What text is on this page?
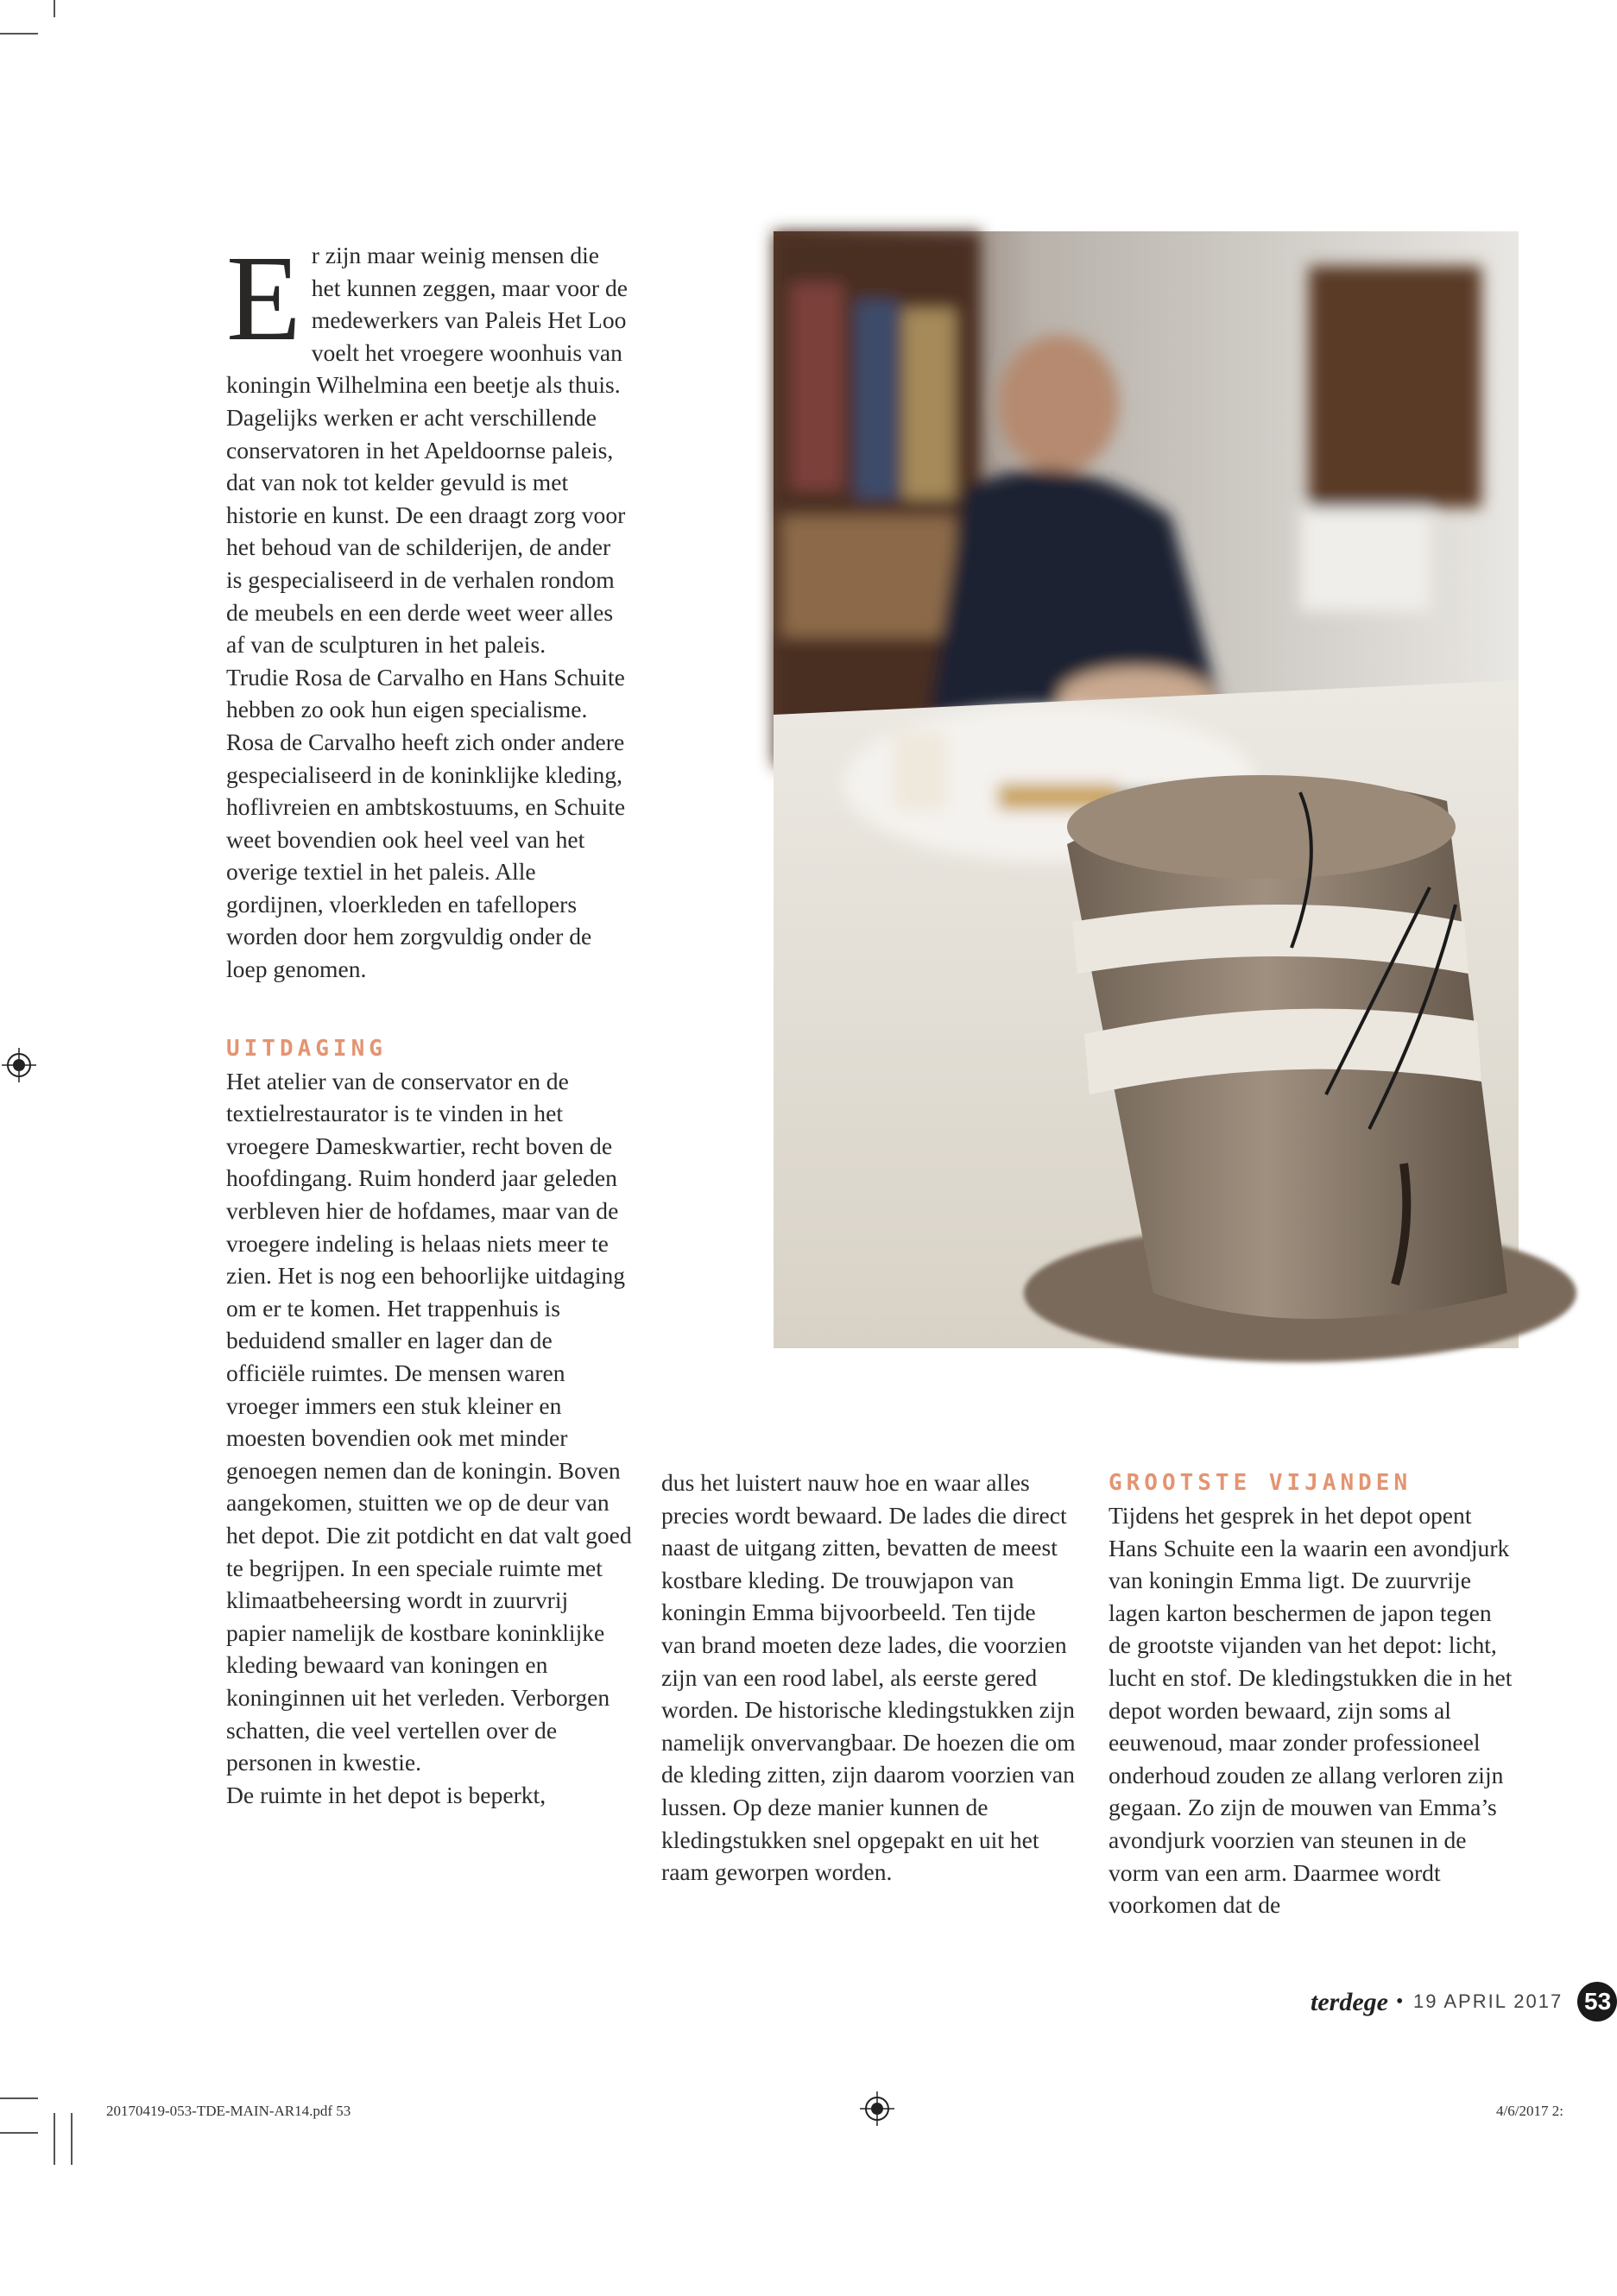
Er zijn maar weinig mensen die het kunnen zeggen, maar voor de medewerkers van Paleis Het Loo voelt het vroegere woonhuis van koningin Wilhelmina een beetje als thuis. Dagelijks werken er acht verschillende conservatoren in het Apeldoornse paleis, dat van nok tot kelder gevuld is met historie en kunst. De een draagt zorg voor het behoud van de schilderijen, de ander is gespecialiseerd in de verhalen rondom de meubels en een derde weet weer alles af van de sculpturen in het paleis.

Trudie Rosa de Carvalho en Hans Schuite hebben zo ook hun eigen specialisme. Rosa de Carvalho heeft zich onder andere gespecialiseerd in de koninklijke kleding, hoflivreien en ambtskostuums, en Schuite weet bovendien ook heel veel van het overige textiel in het paleis. Alle gordijnen, vloerkleden en tafellopers worden door hem zorgvuldig onder de loep genomen.

UITDAGING

Het atelier van de conservator en de textielrestaurator is te vinden in het vroegere Dameskwartier, recht boven de hoofdingang. Ruim honderd jaar geleden verbleven hier de hofdames, maar van de vroegere indeling is helaas niets meer te zien. Het is nog een behoorlijke uitdaging om er te komen. Het trappenhuis is beduidend smaller en lager dan de officiële ruimtes. De mensen waren vroeger immers een stuk kleiner en moesten bovendien ook met minder genoegen nemen dan de koningin. Boven aangekomen, stuitten we op de deur van het depot. Die zit potdicht en dat valt goed te begrijpen. In een speciale ruimte met klimaatbeheersing wordt in zuurvrij papier namelijk de kostbare koninklijke kleding bewaard van koningen en koninginnen uit het verleden. Verborgen schatten, die veel vertellen over de personen in kwestie.

De ruimte in het depot is beperkt,

dus het luistert nauw hoe en waar alles precies wordt bewaard. De lades die direct naast de uitgang zitten, bevatten de meest kostbare kleding. De trouwjapon van koningin Emma bijvoorbeeld. Ten tijde van brand moeten deze lades, die voorzien zijn van een rood label, als eerste gered worden. De historische kledingstukken zijn namelijk onvervangbaar. De hoezen die om de kleding zitten, zijn daarom voorzien van lussen. Op deze manier kunnen de kledingstukken snel opgepakt en uit het raam geworpen worden.

GROOTSTE VIJANDEN

Tijdens het gesprek in het depot opent Hans Schuite een la waarin een avondjurk van koningin Emma ligt. De zuurvrije lagen karton beschermen de japon tegen de grootste vijanden van het depot: licht, lucht en stof. De kledingstukken die in het depot worden bewaard, zijn soms al eeuwenoud, maar zonder professioneel onderhoud zouden ze allang verloren zijn gegaan. Zo zijn de mouwen van Emma’s avondjurk voorzien van steunen in de vorm van een arm. Daarmee wordt voorkomen dat de

terdege • 19 APRIL 2017 53
20170419-053-TDE-MAIN-AR14.pdf 53	4/6/2017 2:
